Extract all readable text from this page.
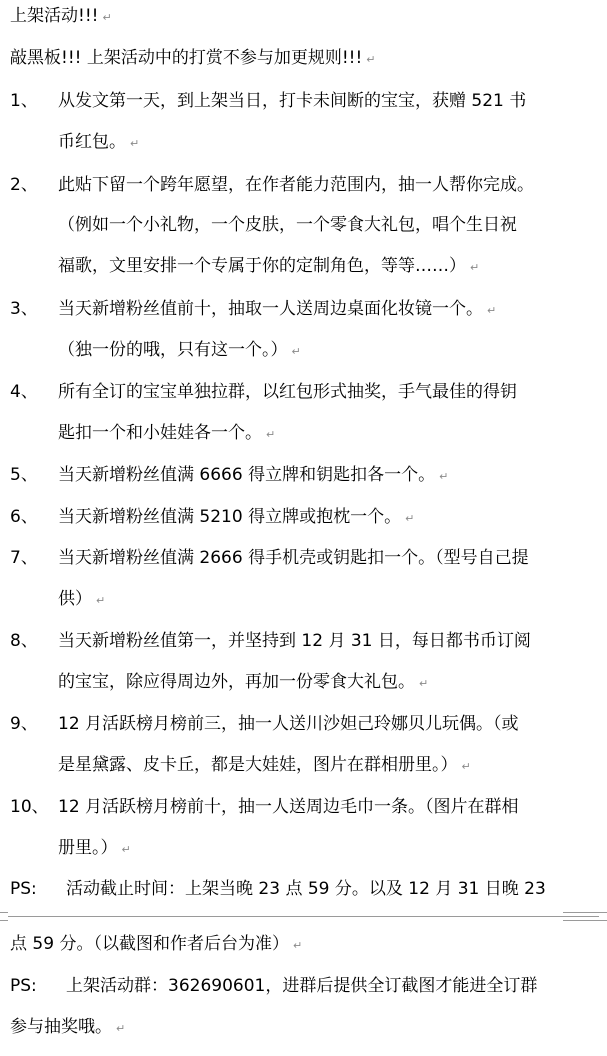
上架活动!!! ↵
敲黑板!!! 上架活动中的打赏不参与加更规则!!! ↵
1、 从发文第一天，到上架当日，打卡未间断的宝宝，获赠 521 书
币红包。 ↵
2、 此贴下留一个跨年愿望，在作者能力范围内，抽一人帮你完成。
（例如一个小礼物，一个皮肤，一个零食大礼包，唱个生日祝
福歌，文里安排一个专属于你的定制角色，等等……） ↵
3、 当天新增粉丝值前十，抽取一人送周边桌面化妆镜一个。 ↵
（独一份的哦，只有这一个。） ↵
4、 所有全订的宝宝单独拉群，以红包形式抽奖，手气最佳的得钥
匙扣一个和小娃娃各一个。 ↵
5、 当天新增粉丝值满 6666 得立牌和钥匙扣各一个。 ↵
6、 当天新增粉丝值满 5210 得立牌或抱枕一个。 ↵
7、 当天新增粉丝值满 2666 得手机壳或钥匙扣一个。（型号自己提
供） ↵
8、 当天新增粉丝值第一，并坚持到 12 月 31 日，每日都书币订阅
的宝宝，除应得周边外，再加一份零食大礼包。 ↵
9、 12 月活跃榜月榜前三，抽一人送川沙妲己玲娜贝儿玩偶。（或
是星黛露、皮卡丘，都是大娃娃，图片在群相册里。） ↵
10、 12 月活跃榜月榜前十，抽一人送周边毛巾一条。（图片在群相
册里。） ↵
PS: 活动截止时间：上架当晚 23 点 59 分。以及 12 月 31 日晚 23
点 59 分。（以截图和作者后台为准） ↵
PS: 上架活动群：362690601，进群后提供全订截图才能进全订群
参与抽奖哦。 ↵
